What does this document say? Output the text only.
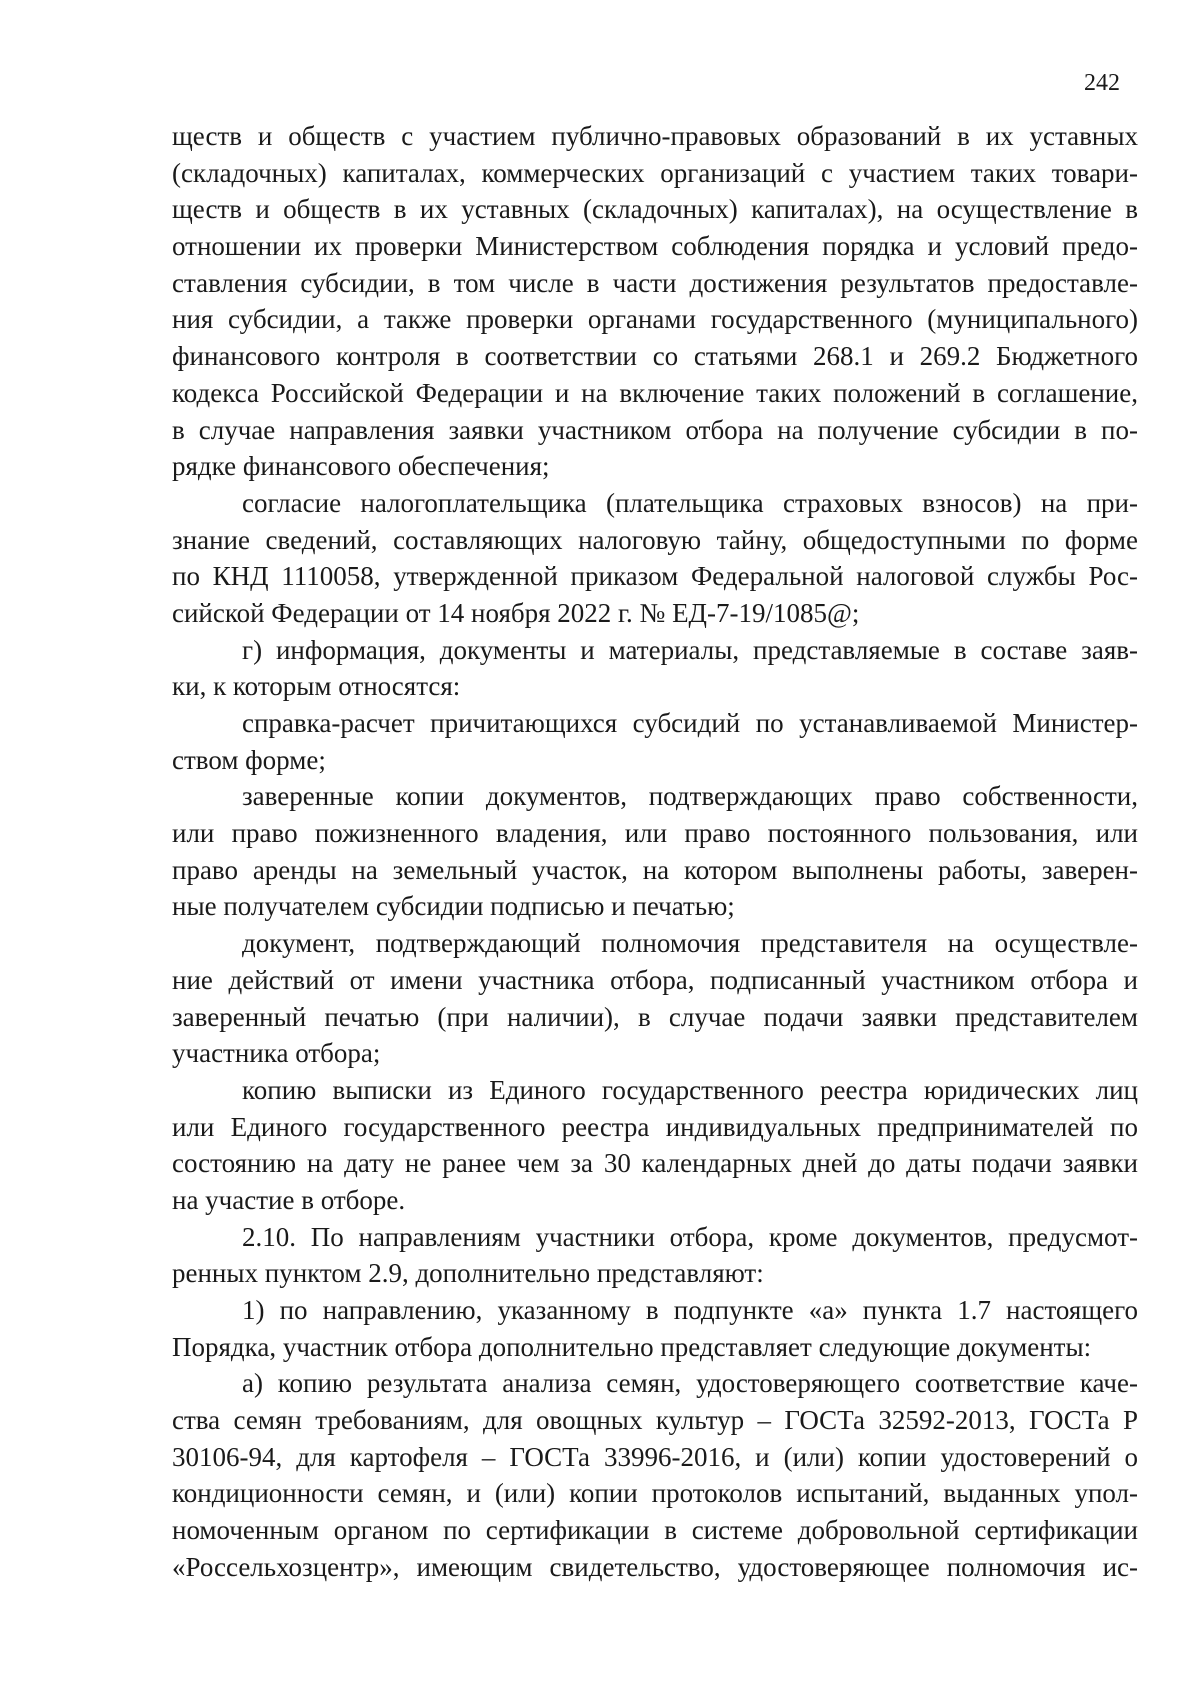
242
ществ и обществ с участием публично-правовых образований в их уставных
(складочных) капиталах, коммерческих организаций с участием таких товари-
ществ и обществ в их уставных (складочных) капиталах), на осуществление в
отношении их проверки Министерством соблюдения порядка и условий предо-
ставления субсидии, в том числе в части достижения результатов предоставле-
ния субсидии, а также проверки органами государственного (муниципального)
финансового контроля в соответствии со статьями 268.1 и 269.2 Бюджетного
кодекса Российской Федерации и на включение таких положений в соглашение,
в случае направления заявки участником отбора на получение субсидии в по-
рядке финансового обеспечения;
согласие налогоплательщика (плательщика страховых взносов) на при-
знание сведений, составляющих налоговую тайну, общедоступными по форме
по КНД 1110058, утвержденной приказом Федеральной налоговой службы Рос-
сийской Федерации от 14 ноября 2022 г. № ЕД-7-19/1085@;
г) информация, документы и материалы, представляемые в составе заяв-
ки, к которым относятся:
справка-расчет причитающихся субсидий по устанавливаемой Министер-
ством форме;
заверенные копии документов, подтверждающих право собственности,
или право пожизненного владения, или право постоянного пользования, или
право аренды на земельный участок, на котором выполнены работы, заверен-
ные получателем субсидии подписью и печатью;
документ, подтверждающий полномочия представителя на осуществле-
ние действий от имени участника отбора, подписанный участником отбора и
заверенный печатью (при наличии), в случае подачи заявки представителем
участника отбора;
копию выписки из Единого государственного реестра юридических лиц
или Единого государственного реестра индивидуальных предпринимателей по
состоянию на дату не ранее чем за 30 календарных дней до даты подачи заявки
на участие в отборе.
2.10. По направлениям участники отбора, кроме документов, предусмот-
ренных пунктом 2.9, дополнительно представляют:
1) по направлению, указанному в подпункте «а» пункта 1.7 настоящего
Порядка, участник отбора дополнительно представляет следующие документы:
а) копию результата анализа семян, удостоверяющего соответствие каче-
ства семян требованиям, для овощных культур – ГОСТа 32592-2013, ГОСТа Р
30106-94, для картофеля – ГОСТа 33996-2016, и (или) копии удостоверений о
кондиционности семян, и (или) копии протоколов испытаний, выданных упол-
номоченным органом по сертификации в системе добровольной сертификации
«Россельхозцентр», имеющим свидетельство, удостоверяющее полномочия ис-
